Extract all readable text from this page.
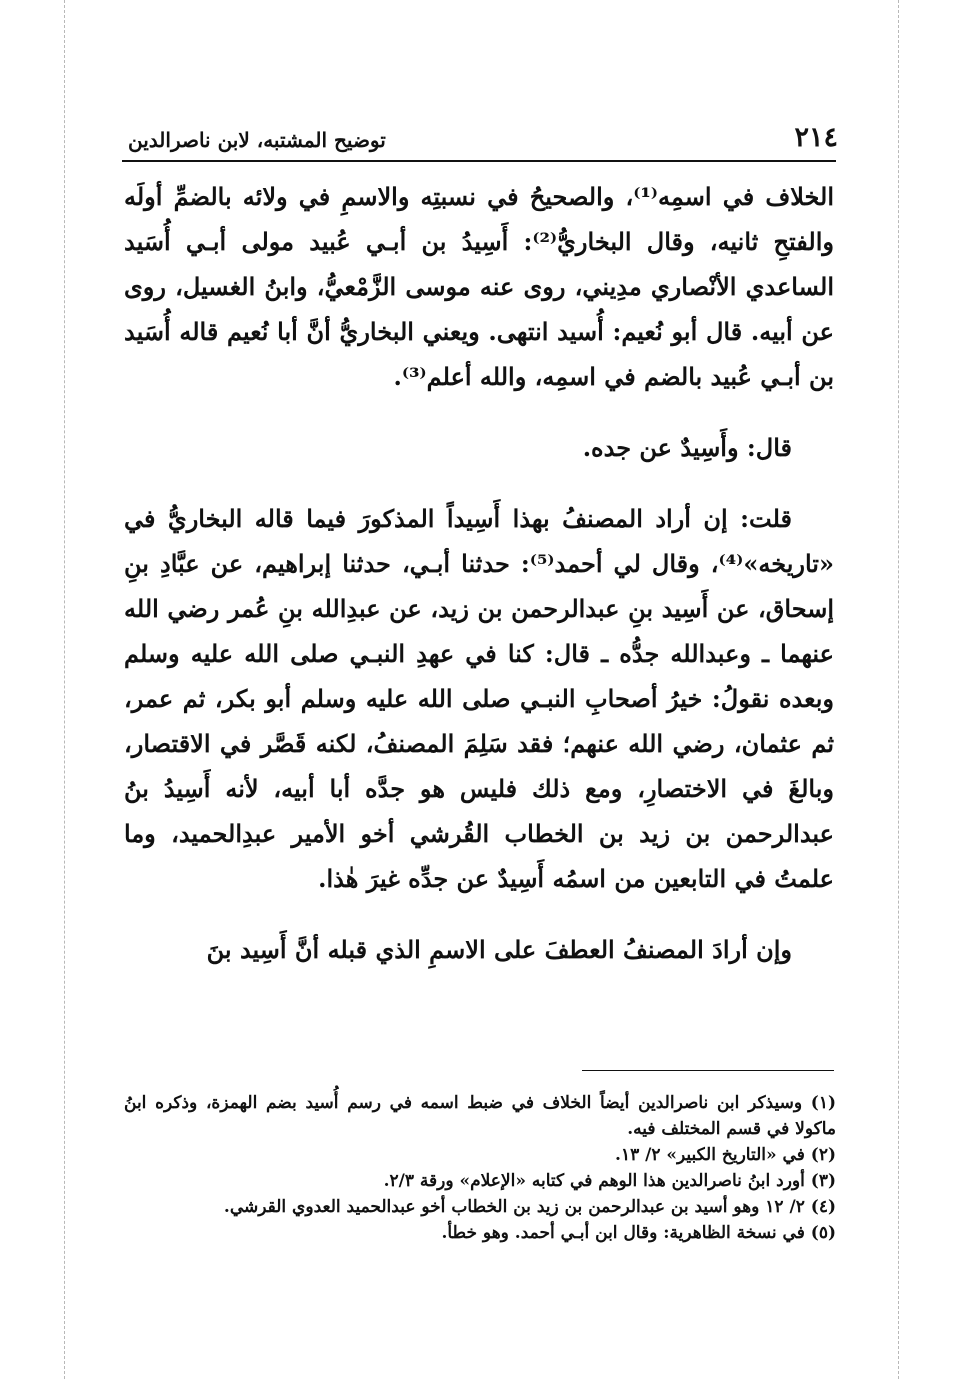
٢١٤
توضيح المشتبه، لابن ناصرالدين

الخلاف في اسمِه⁽¹⁾، والصحيحُ في نسبتِه والاسمِ في ولائه بالضمِّ أولَه والفتحِ ثانيه، وقال البخاريُّ⁽²⁾: أَسِيدُ بن أبـي عُبيد مولى أبـي أُسَيد الساعدي الأنْصاري مدِيني، روى عنه موسى الزَّمْعيُّ، وابنُ الغسيل، روى عن أبيه. قال أبو نُعيم: أُسيد انتهى. ويعني البخاريُّ أنَّ أبا نُعيم قاله أُسَيد بن أبـي عُبيد بالضم في اسمِه، والله أعلم⁽³⁾.

قال: وأَسِيدٌ عن جده.

قلت: إن أراد المصنفُ بهذا أَسِيداً المذكورَ فيما قاله البخاريُّ في «تاريخه»⁽⁴⁾، وقال لي أحمد⁽⁵⁾: حدثنا أبـي، حدثنا إبراهيم، عن عبَّادِ بنِ إسحاق، عن أَسِيد بنِ عبدالرحمن بن زيد، عن عبدِالله بنِ عُمر رضي الله عنهما ـ وعبدالله جدُّه ـ قال: كنا في عهدِ النبـي صلى الله عليه وسلم وبعده نقولُ: خيرُ أصحابِ النبـي صلى الله عليه وسلم أبو بكر، ثم عمر، ثم عثمان، رضي الله عنهم؛ فقد سَلِمَ المصنفُ، لكنه قَصَّر في الاقتصار، وبالغَ في الاختصارِ، ومع ذلك فليس هو جدَّه أبا أبيه، لأنه أَسِيدُ بنُ عبدالرحمن بن زيد بن الخطاب القُرشي أخو الأمير عبدِالحميد، وما علمتُ في التابعين من اسمُه أَسِيدٌ عن جدِّه غيرَ هٰذا.

وإن أرادَ المصنفُ العطفَ على الاسمِ الذي قبله أنَّ أَسِيد بنَ

(١) وسيذكر ابن ناصرالدين أيضاً الخلاف في ضبط اسمه في رسم أُسيد بضم الهمزة، وذكره ابنُ ماكولا في قسم المختلف فيه.

(٢) في «التاريخ الكبير» ٢/ ١٣.

(٣) أورد ابنُ ناصرالدين هذا الوهم في كتابه «الإعلام» ورقة ٢/٣.

(٤) ٢/ ١٢ وهو أسيد بن عبدالرحمن بن زيد بن الخطاب أخو عبدالحميد العدوي القرشي.

(٥) في نسخة الظاهرية: وقال ابن أبـي أحمد. وهو خطأ.
